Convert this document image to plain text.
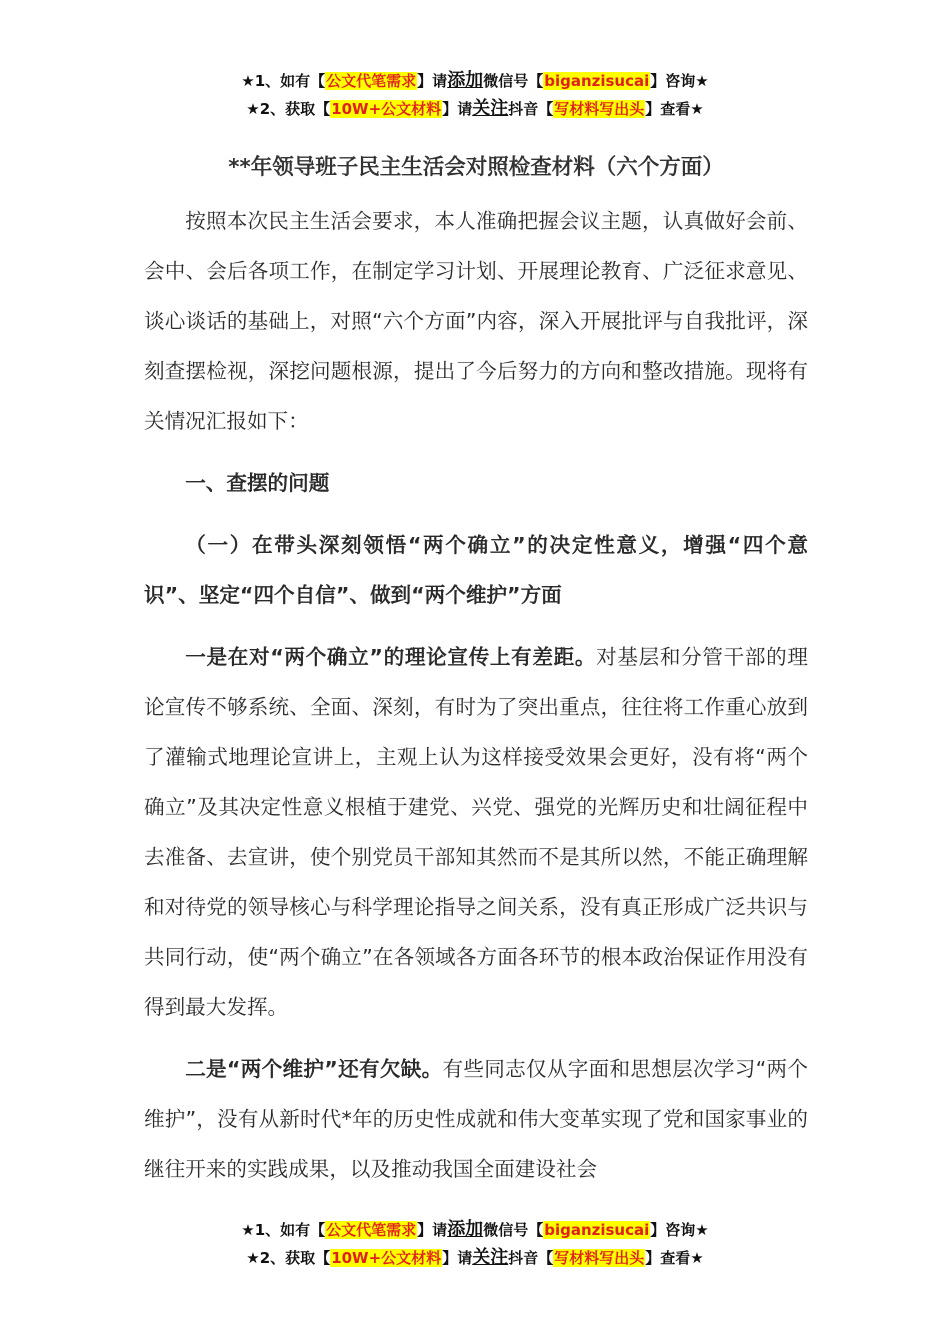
★1、如有【公文代笔需求】请添加微信号【biganzisucai】咨询★
★2、获取【10W+公文材料】请关注抖音【写材料写出头】查看★

**年领导班子民主生活会对照检查材料（六个方面）

按照本次民主生活会要求，本人准确把握会议主题，认真做好会前、会中、会后各项工作，在制定学习计划、开展理论教育、广泛征求意见、谈心谈话的基础上，对照“六个方面”内容，深入开展批评与自我批评，深刻查摆检视，深挖问题根源，提出了今后努力的方向和整改措施。现将有关情况汇报如下：

一、查摆的问题

（一）在带头深刻领悟“两个确立”的决定性意义，增强“四个意识”、坚定“四个自信”、做到“两个维护”方面

一是在对“两个确立”的理论宣传上有差距。对基层和分管干部的理论宣传不够系统、全面、深刻，有时为了突出重点，往往将工作重心放到了灌输式地理论宣讲上，主观上认为这样接受效果会更好，没有将“两个确立”及其决定性意义根植于建党、兴党、强党的光辉历史和壮阔征程中去准备、去宣讲，使个别党员干部知其然而不是其所以然，不能正确理解和对待党的领导核心与科学理论指导之间关系，没有真正形成广泛共识与共同行动，使“两个确立”在各领域各方面各环节的根本政治保证作用没有得到最大发挥。

二是“两个维护”还有欠缺。有些同志仅从字面和思想层次学习“两个维护”，没有从新时代*年的历史性成就和伟大变革实现了党和国家事业的继往开来的实践成果，以及推动我国全面建设社会

★1、如有【公文代笔需求】请添加微信号【biganzisucai】咨询★
★2、获取【10W+公文材料】请关注抖音【写材料写出头】查看★
